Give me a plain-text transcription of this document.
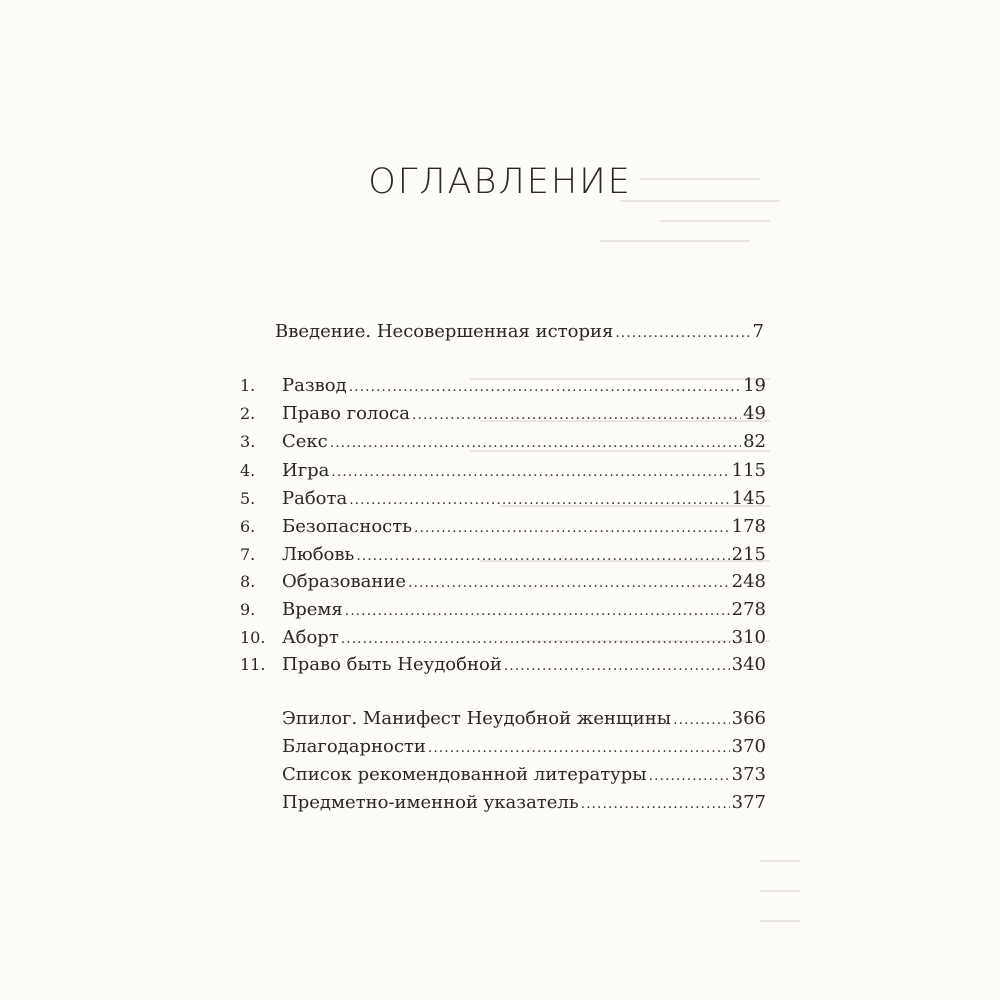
ОГЛАВЛЕНИЕ
Введение. Несовершенная история .....	7
1.	Развод .....	19
2.	Право голоса .....	49
3.	Секс .....	82
4.	Игра .....	115
5.	Работа .....	145
6.	Безопасность .....	178
7.	Любовь .....	215
8.	Образование .....	248
9.	Время .....	278
10. Аборт .....	310
11. Право быть Неудобной .....	340
Эпилог. Манифест Неудобной женщины .....	366
Благодарности .....	370
Список рекомендованной литературы .....	373
Предметно-именной указатель .....	377
